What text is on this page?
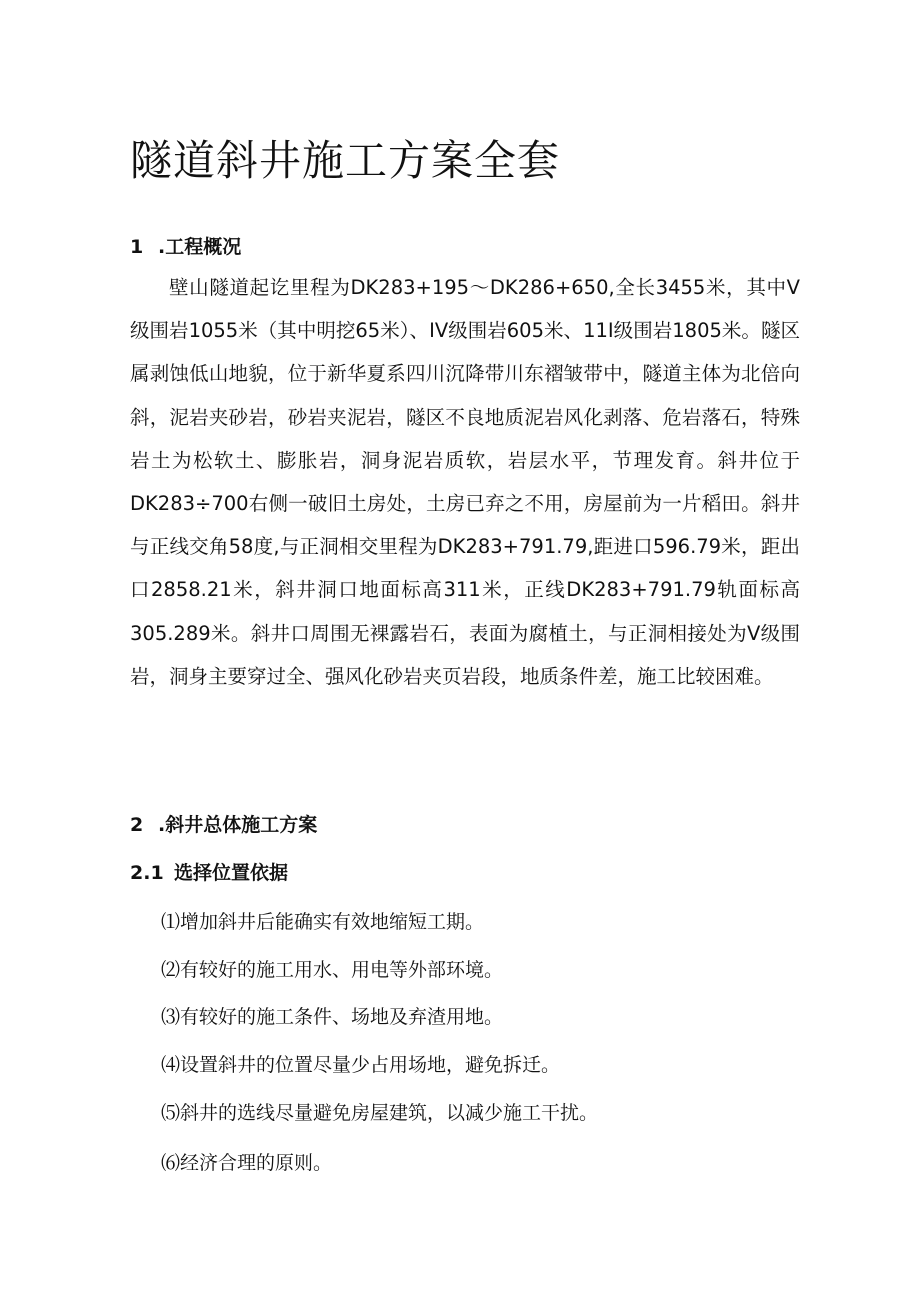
隧道斜井施工方案全套
1 .工程概况

壁山隧道起讫里程为DK283+195～DK286+650,全长3455米，其中V级围岩1055米（其中明挖65米）、IV级围岩605米、11I级围岩1805米。隧区属剥蚀低山地貌，位于新华夏系四川沉降带川东褶皱带中，隧道主体为北倍向斜，泥岩夹砂岩，砂岩夹泥岩，隧区不良地质泥岩风化剥落、危岩落石，特殊岩土为松软土、膨胀岩，洞身泥岩质软，岩层水平，节理发育。斜井位于DK283÷700右侧一破旧土房处，土房已弃之不用，房屋前为一片稻田。斜井与正线交角58度,与正洞相交里程为DK283+791.79,距进口596.79米，距出口2858.21米，斜井洞口地面标高311米，正线DK283+791.79轨面标高305.289米。斜井口周围无裸露岩石，表面为腐植土，与正洞相接处为V级围岩，洞身主要穿过全、强风化砂岩夹页岩段，地质条件差，施工比较困难。

2 .斜井总体施工方案
2.1 选择位置依据

⑴增加斜井后能确实有效地缩短工期。

⑵有较好的施工用水、用电等外部环境。

⑶有较好的施工条件、场地及弃渣用地。

⑷设置斜井的位置尽量少占用场地，避免拆迁。

⑸斜井的选线尽量避免房屋建筑，以减少施工干扰。

⑹经济合理的原则。
